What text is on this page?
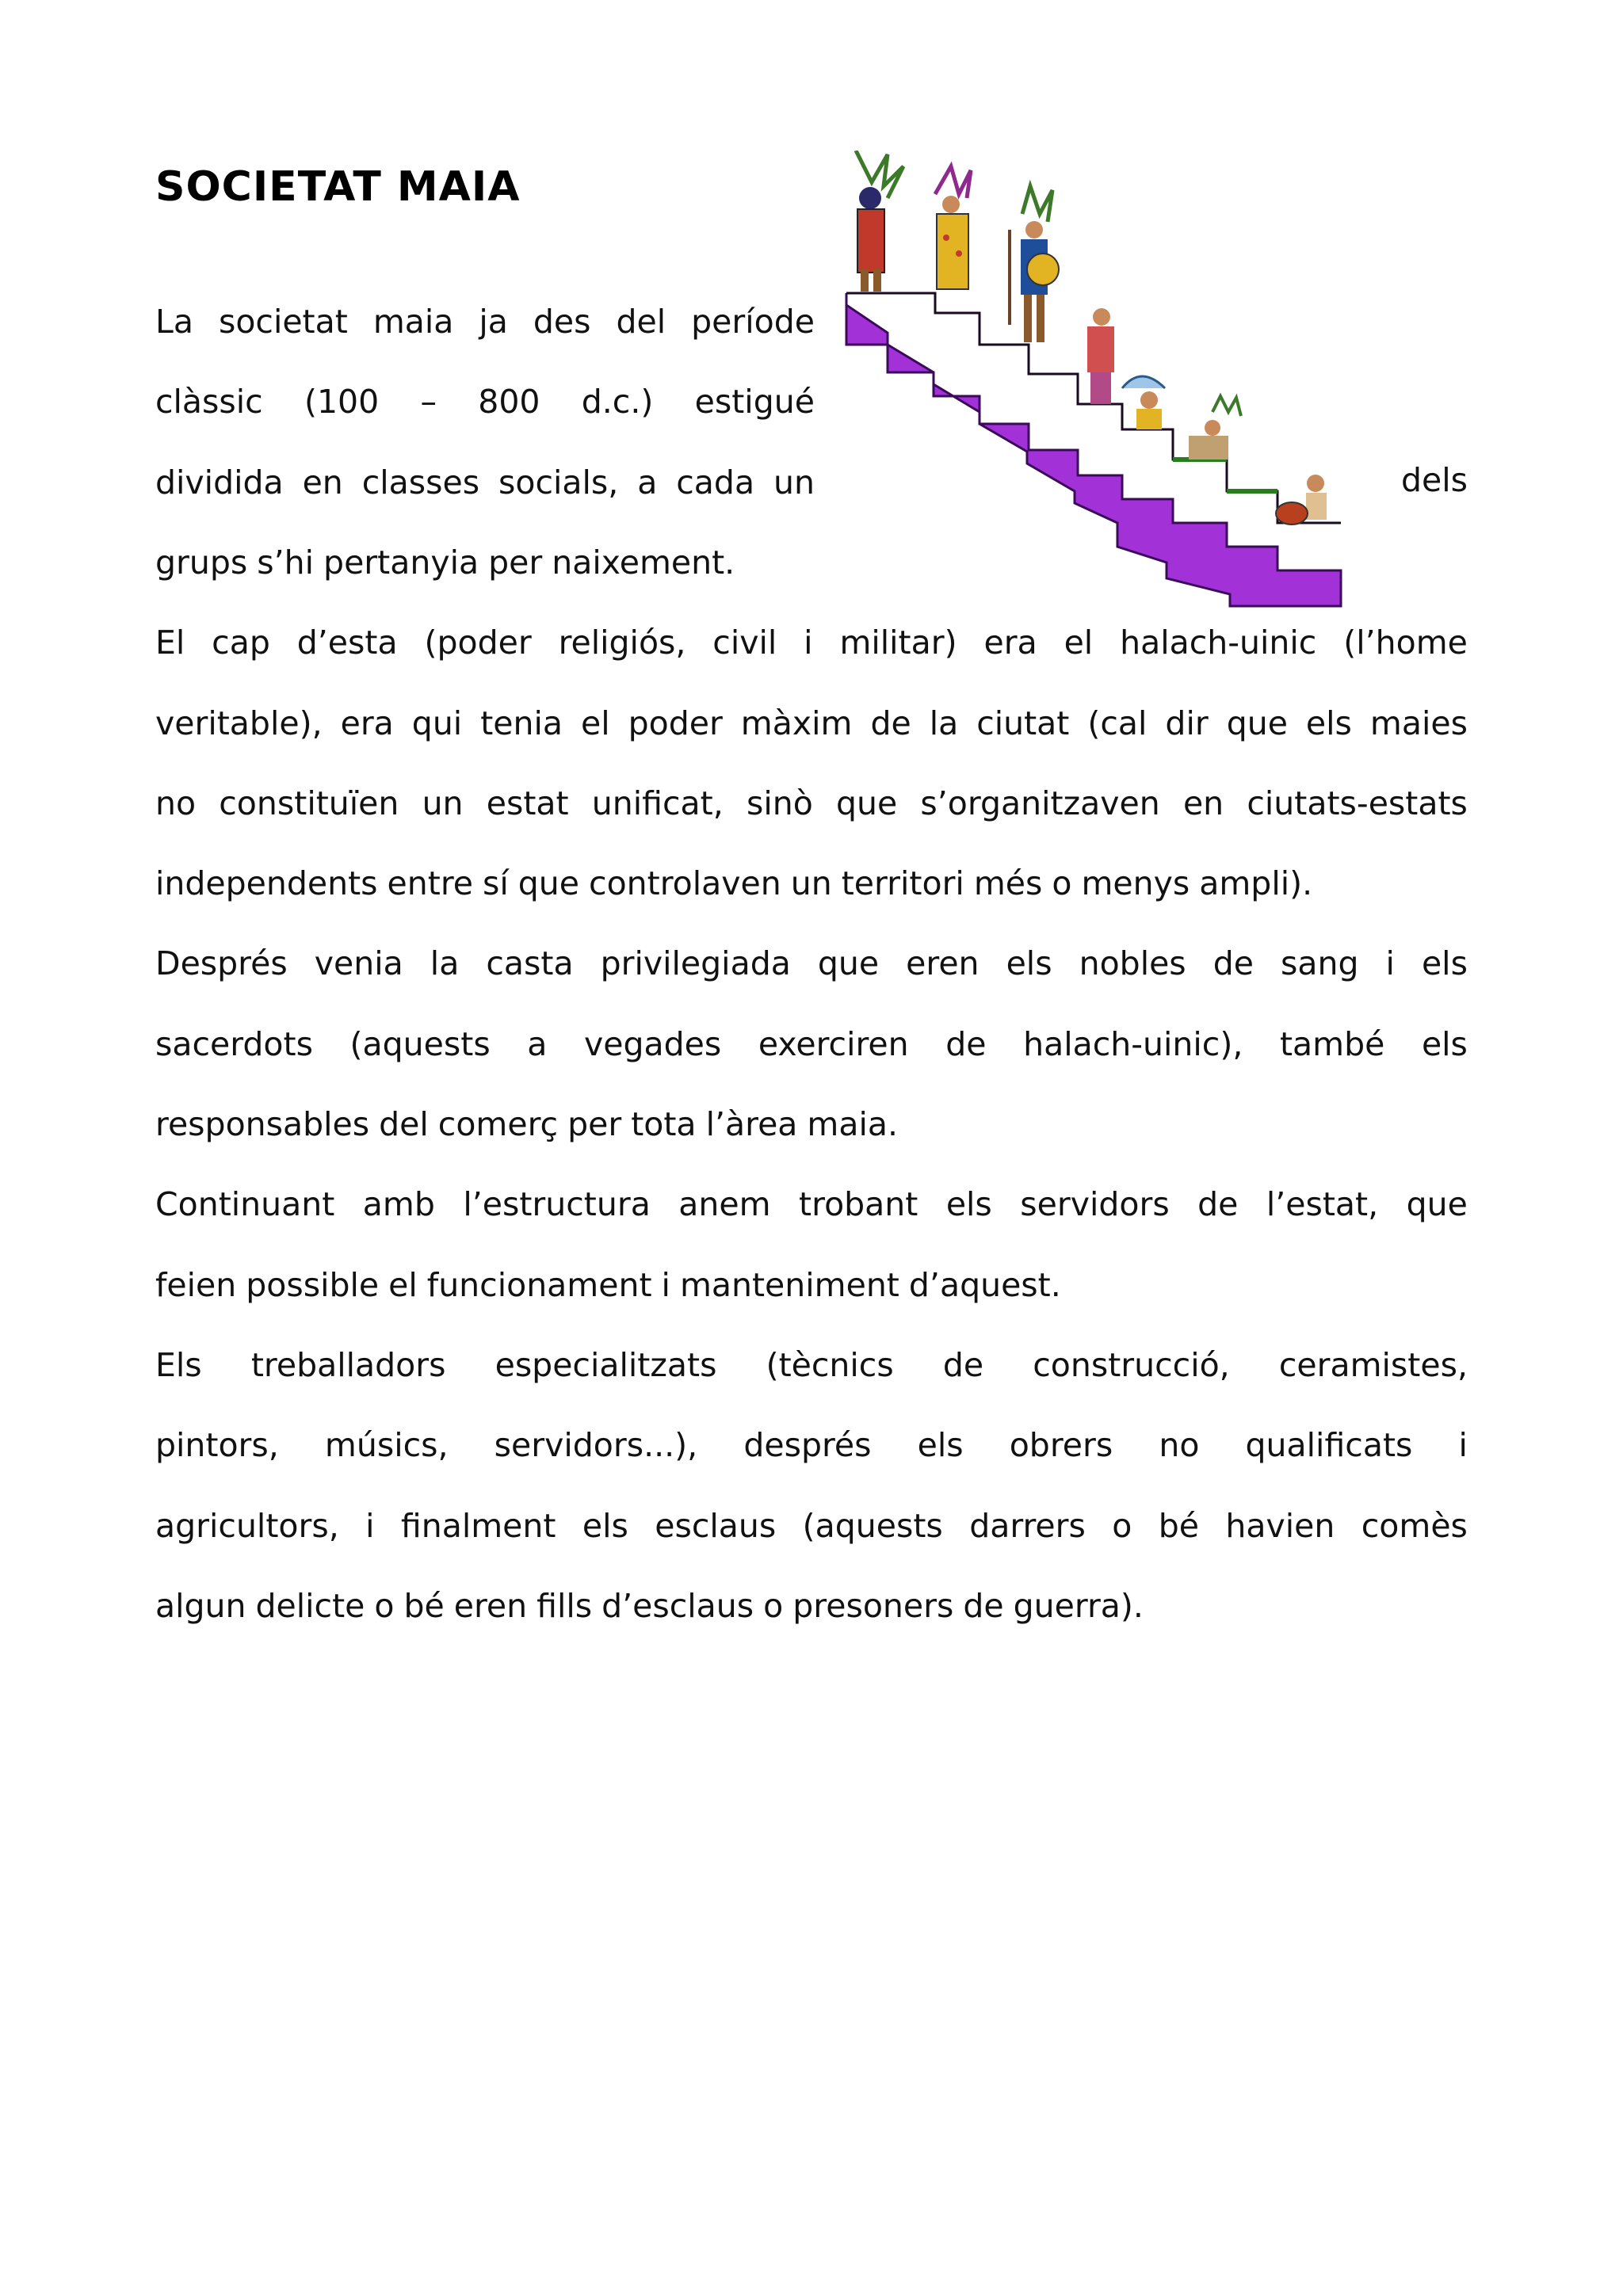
SOCIETAT MAIA
La societat maia ja des del període
clàssic (100 – 800 d.c.) estigué
dividida en classes socials, a cada un
grups s’hi pertanyia per naixement.
El cap d’esta (poder religiós, civil i militar) era el halach-uinic (l’home
veritable), era qui tenia el poder màxim de la ciutat (cal dir que els maies
no constituïen un estat unificat, sinò que s’organitzaven en ciutats-estats
independents entre sí que controlaven un territori més o menys ampli).
Després venia la casta privilegiada que eren els nobles de sang i els
sacerdots (aquests a vegades exerciren de halach-uinic), també els
responsables del comerç per tota l’àrea maia.
Continuant amb l’estructura anem trobant els servidors de l’estat, que
feien possible el funcionament i manteniment d’aquest.
Els treballadors especialitzats (tècnics de construcció, ceramistes,
pintors, músics, servidors...), després els obrers no qualificats i
agricultors, i finalment els esclaus (aquests darrers o bé havien comès
algun delicte o bé eren fills d’esclaus o presoners de guerra).
dels
